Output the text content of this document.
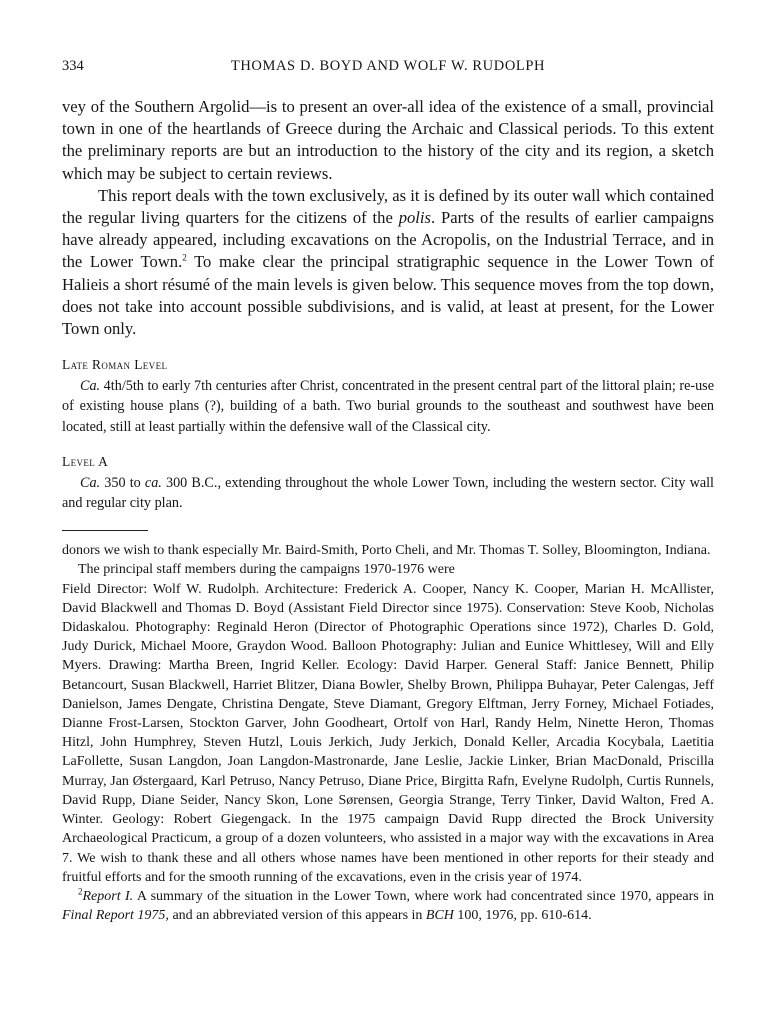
334	THOMAS D. BOYD AND WOLF W. RUDOLPH

vey of the Southern Argolid—is to present an over-all idea of the existence of a small, provincial town in one of the heartlands of Greece during the Archaic and Classical periods. To this extent the preliminary reports are but an introduction to the history of the city and its region, a sketch which may be subject to certain reviews.

This report deals with the town exclusively, as it is defined by its outer wall which contained the regular living quarters for the citizens of the polis. Parts of the results of earlier campaigns have already appeared, including excavations on the Acropolis, on the Industrial Terrace, and in the Lower Town.$^2$ To make clear the principal stratigraphic sequence in the Lower Town of Halieis a short résumé of the main levels is given below. This sequence moves from the top down, does not take into account possible subdivisions, and is valid, at least at present, for the Lower Town only.

Late Roman Level

Ca. 4th/5th to early 7th centuries after Christ, concentrated in the present central part of the littoral plain; re-use of existing house plans (?), building of a bath. Two burial grounds to the southeast and southwest have been located, still at least partially within the defensive wall of the Classical city.

Level A

Ca. 350 to ca. 300 B.C., extending throughout the whole Lower Town, including the western sector. City wall and regular city plan.

donors we wish to thank especially Mr. Baird-Smith, Porto Cheli, and Mr. Thomas T. Solley, Bloomington, Indiana.

The principal staff members during the campaigns 1970-1976 were

Field Director: Wolf W. Rudolph. Architecture: Frederick A. Cooper, Nancy K. Cooper, Marian H. McAllister, David Blackwell and Thomas D. Boyd (Assistant Field Director since 1975). Conservation: Steve Koob, Nicholas Didaskalou. Photography: Reginald Heron (Director of Photographic Operations since 1972), Charles D. Gold, Judy Durick, Michael Moore, Graydon Wood. Balloon Photography: Julian and Eunice Whittlesey, Will and Elly Myers. Drawing: Martha Breen, Ingrid Keller. Ecology: David Harper. General Staff: Janice Bennett, Philip Betancourt, Susan Blackwell, Harriet Blitzer, Diana Bowler, Shelby Brown, Philippa Buhayar, Peter Calengas, Jeff Danielson, James Dengate, Christina Dengate, Steve Diamant, Gregory Elftman, Jerry Forney, Michael Fotiades, Dianne Frost-Larsen, Stockton Garver, John Goodheart, Ortolf von Harl, Randy Helm, Ninette Heron, Thomas Hitzl, John Humphrey, Steven Hutzl, Louis Jerkich, Judy Jerkich, Donald Keller, Arcadia Kocybala, Laetitia LaFollette, Susan Langdon, Joan Langdon-Mastronarde, Jane Leslie, Jackie Linker, Brian MacDonald, Priscilla Murray, Jan Østergaard, Karl Petruso, Nancy Petruso, Diane Price, Birgitta Rafn, Evelyne Rudolph, Curtis Runnels, David Rupp, Diane Seider, Nancy Skon, Lone Sørensen, Georgia Strange, Terry Tinker, David Walton, Fred A. Winter. Geology: Robert Giegengack. In the 1975 campaign David Rupp directed the Brock University Archaeological Practicum, a group of a dozen volunteers, who assisted in a major way with the excavations in Area 7. We wish to thank these and all others whose names have been mentioned in other reports for their steady and fruitful efforts and for the smooth running of the excavations, even in the crisis year of 1974.

$^2$Report I. A summary of the situation in the Lower Town, where work had concentrated since 1970, appears in Final Report 1975, and an abbreviated version of this appears in BCH 100, 1976, pp. 610-614.
